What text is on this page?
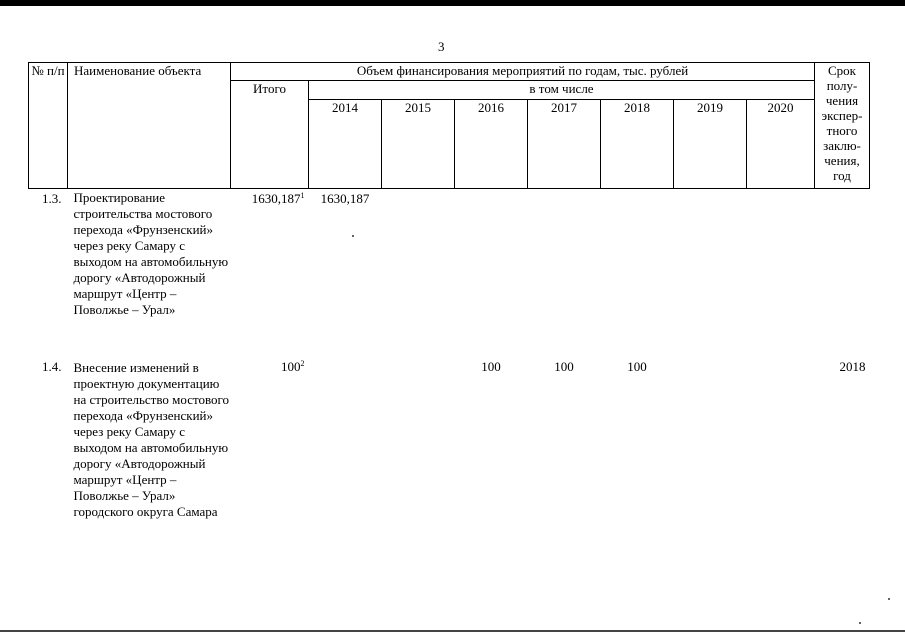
3
№ п/п	Наименование объекта	Объем финансирования мероприятий по годам, тыс. рублей								Срок полу-чения экспер-тного заклю-чения, год
		Итого	в том числе							
			2014	2015	2016	2017	2018	2019	2020	
1.3.	Проектирование строительства мостового перехода «Фрунзенский» через реку Самару с выходом на автомобильную дорогу «Автодорожный маршрут «Центр – Поволжье – Урал»	1630,187$^1$	1630,187							
1.4.	Внесение изменений в проектную документацию на строительство мостового перехода «Фрунзенский» через реку Самару с выходом на автомобильную дорогу «Автодорожный маршрут «Центр – Поволжье – Урал» городского округа Самара	$100^2$			100	100	100			2018
